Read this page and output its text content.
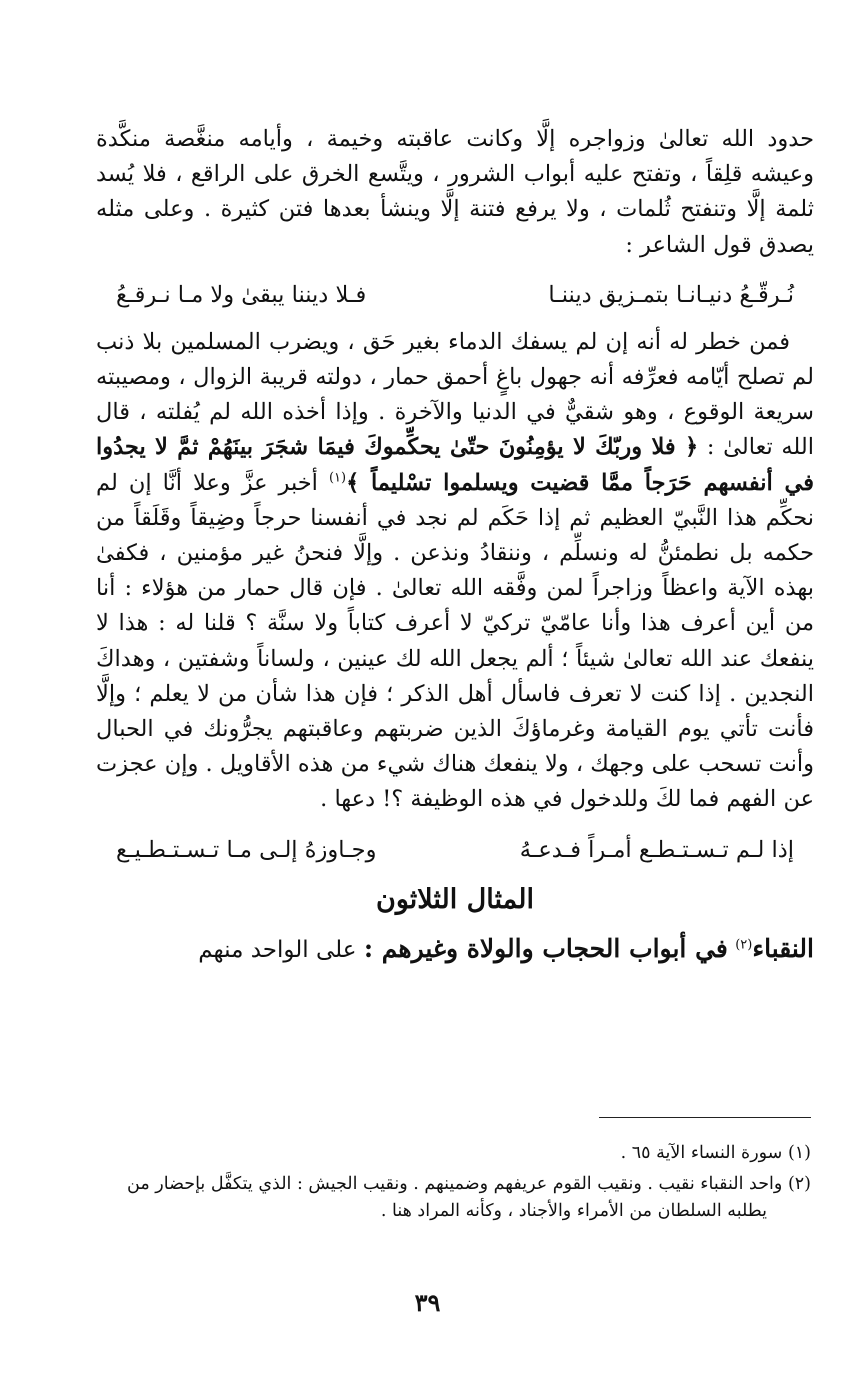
حدود الله تعالىٰ وزواجره إلَّا وكانت عاقبته وخيمة ، وأيامه منغَّصة منكَّدة وعيشه قلِقاً ، وتفتح عليه أبواب الشرور ، ويتَّسع الخرق على الراقع ، فلا يُسد ثلمة إلَّا وتنفتح ثُلمات ، ولا يرفع فتنة إلَّا وينشأ بعدها فتن كثيرة . وعلى مثله يصدق قول الشاعر :

نُـرقّـعُ دنيـانـا بتمـزيق ديننـا
فـلا ديننا يبقىٰ ولا مـا نـرقـعُ

فمن خطر له أنه إن لم يسفك الدماء بغير حَق ، ويضرب المسلمين بلا ذنب لم تصلح أيّامه فعرِّفه أنه جهول باغٍ أحمق حمار ، دولته قريبة الزوال ، ومصيبته سريعة الوقوع ، وهو شقيٌّ في الدنيا والآخرة . وإذا أخذه الله لم يُفلته ، قال الله تعالىٰ : ﴿ فلا وربّكَ لا يؤمِنُونَ حتّىٰ يحكِّموكَ فيمَا شجَرَ بينَهُمْ ثمَّ لا يجدُوا في أنفسهم حَرَجاً ممَّا قضيت ويسلموا تسْليماً ﴾$^{(١)}$ أخبر عزَّ وعلا أنَّا إن لم نحكِّم هذا النَّبيّ العظيم ثم إذا حَكَم لم نجد في أنفسنا حرجاً وضِيقاً وقَلَقاً من حكمه بل نطمئنُّ له ونسلِّم ، وننقادُ ونذعن . وإلَّا فنحنُ غير مؤمنين ، فكفىٰ بهذه الآية واعظاً وزاجراً لمن وفَّقه الله تعالىٰ . فإن قال حمار من هؤلاء : أنا من أين أعرف هذا وأنا عامّيّ تركيّ لا أعرف كتاباً ولا سنَّة ؟ قلنا له : هذا لا ينفعك عند الله تعالىٰ شيئاً ؛ ألم يجعل الله لك عينين ، ولساناً وشفتين ، وهداكَ النجدين . إذا كنت لا تعرف فاسأل أهل الذكر ؛ فإن هذا شأن من لا يعلم ؛ وإلَّا فأنت تأتي يوم القيامة وغرماؤكَ الذين ضربتهم وعاقبتهم يجرُّونك في الحبال وأنت تسحب على وجهك ، ولا ينفعك هناك شيء من هذه الأقاويل . وإن عجزت عن الفهم فما لكَ وللدخول في هذه الوظيفة ؟! دعها .

إذا لـم تـسـتـطـع أمـراً فـدعـهُ
وجـاوزهُ إلـى مـا تـسـتـطـيـع
المثال الثلاثون

النقباء$^{(٢)}$ في أبواب الحجاب والولاة وغيرهم : على الواحد منهم

(١) سورة النساء الآية ٦٥ .

(٢) واحد النقباء نقيب . ونقيب القوم عريفهم وضمينهم . ونقيب الجيش : الذي يتكفَّل بإحضار من يطلبه السلطان من الأمراء والأجناد ، وكأنه المراد هنا .

٣٩
